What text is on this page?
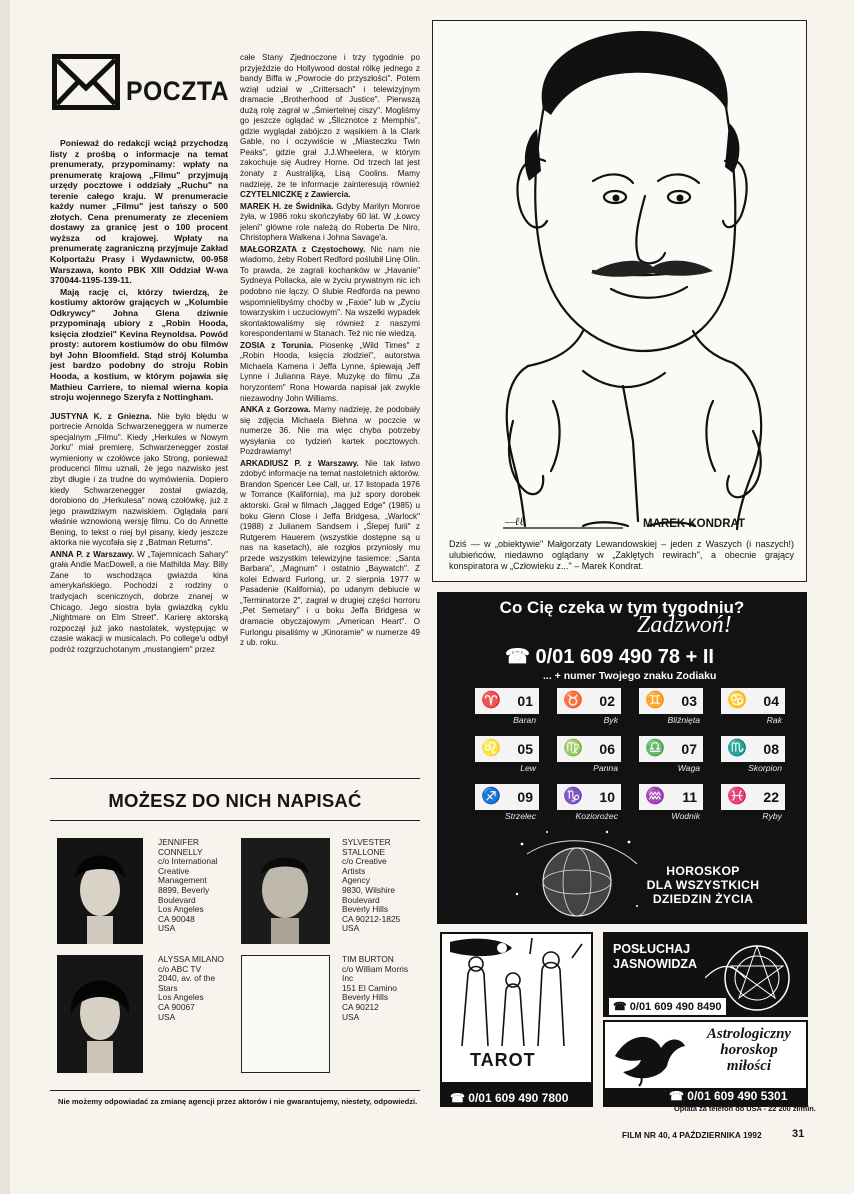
POCZTA

Ponieważ do redakcji wciąż przychodzą listy z prośbą o informacje na temat prenumeraty, przypominamy: wpłaty na prenumeratę krajową „Filmu" przyjmują urzędy pocztowe i oddziały „Ruchu" na terenie całego kraju. W prenumeracie każdy numer „Filmu" jest tańszy o 500 złotych. Cena prenumeraty ze zleceniem dostawy za granicę jest o 100 procent wyższa od krajowej. Wpłaty na prenumeratę zagraniczną przyjmuje Zakład Kolportażu Prasy i Wydawnictw, 00-958 Warszawa, konto PBK XIII Oddział W-wa 370044-1195-139-11.

Mają rację ci, którzy twierdzą, że kostiumy aktorów grających w „Kolumbie Odkrywcy" Johna Glena dziwnie przypominają ubiory z „Robin Hooda, księcia złodziei" Kevina Reynoldsa. Powód prosty: autorem kostiumów do obu filmów był John Bloomfield. Stąd strój Kolumba jest bardzo podobny do stroju Robin Hooda, a kostium, w którym pojawia się Mathieu Carriere, to niemal wierna kopia stroju wojennego Szeryfa z Nottingham.

JUSTYNA K. z Gniezna. Nie było błędu w portrecie Arnolda Schwarzeneggera w numerze specjalnym „Filmu". Kiedy „Herkules w Nowym Jorku" miał premierę, Schwarzenegger został wymieniony w czołówce jako Strong, ponieważ producenci filmu uznali, że jego nazwisko jest zbyt długie i za trudne do wymówienia. Dopiero kiedy Schwarzenegger został gwiazdą, dorobiono do „Herkulesa" nową czołówkę, już z jego prawdziwym nazwiskiem. Oglądała pani właśnie wznowioną wersję filmu. Co do Annette Bening, to tekst o niej był pisany, kiedy jeszcze aktorka nie wycofała się z „Batman Returns".

ANNA P. z Warszawy. W „Tajemnicach Sahary" grała Andie MacDowell, a nie Mathilda May. Billy Zane to wschodząca gwiazda kina amerykańskiego. Pochodzi z rodziny o tradycjach scenicznych, dobrze znanej w Chicago. Jego siostra była gwiazdką cyklu „Nightmare on Elm Street". Karierę aktorską rozpoczął już jako nastolatek, występując w czasie wakacji w musicalach. Po college'u odbył podróż rozgrzuchotanym „mustangiem" przez

całe Stany Zjednoczone i trzy tygodnie po przyjeździe do Hollywood dostał rólkę jednego z bandy Biffa w „Powrocie do przyszłości". Potem wziął udział w „Crittersach" i telewizyjnym dramacie „Brotherhood of Justice". Pierwszą dużą rolę zagrał w „Śmiertelnej ciszy". Mogliśmy go jeszcze oglądać w „Ślicznotce z Memphis", gdzie wyglądał zabójczo z wąsikiem à la Clark Gable, no i oczywiście w „Miasteczku Twin Peaks", gdzie grał J.J.Wheelera, w którym zakochuje się Audrey Horne. Od trzech lat jest żonaty z Australijką, Lisą Coolins. Mamy nadzieję, że te informacje zainteresują również CZYTELNICZKĘ z Zawiercia.

MAREK H. ze Świdnika. Gdyby Marilyn Monroe żyła, w 1986 roku skończyłaby 60 lat. W „Łowcy jeleni" główne role należą do Roberta De Niro, Christophera Walkena i Johna Savage'a.

MAŁGORZATA z Częstochowy. Nic nam nie wiadomo, żeby Robert Redford poślubił Linę Olin. To prawda, że zagrali kochanków w „Havanie" Sydneya Pollacka, ale w życiu prywatnym nic ich podobno nie łączy. O ślubie Redforda na pewno wspomnielibyśmy choćby w „Faxie" lub w „Życiu towarzyskim i uczuciowym". Na wszelki wypadek skontaktowaliśmy się również z naszymi korespondentami w Stanach. Też nic nie wiedzą.

ZOSIA z Torunia. Piosenkę „Wild Times" z „Robin Hooda, księcia złodziei", autorstwa Michaela Kamena i Jeffa Lynne, śpiewają Jeff Lynne i Julianna Raye. Muzykę do filmu „Za horyzontem" Rona Howarda napisał jak zwykle niezawodny John Williams.

ANKA z Gorzowa. Mamy nadzieję, że podobały się zdjęcia Michaela Biehna w poczcie w numerze 36. Nie ma więc chyba potrzeby wysyłania co tydzień kartek pocztowych. Pozdrawiamy!

ARKADIUSZ P. z Warszawy. Nie tak łatwo zdobyć informacje na temat nastoletnich aktorów. Brandon Spencer Lee Call, ur. 17 listopada 1976 w Torrance (Kalifornia), ma już spory dorobek aktorski. Grał w filmach „Jagged Edge" (1985) u boku Glenn Close i Jeffa Bridgesa, „Warlock" (1988) z Julianem Sandsem i „Ślepej furii" z Rutgerem Hauerem (wszystkie dostępne są u nas na kasetach), ale rozgłos przyniosły mu przede wszystkim telewizyjne tasiemce: „Santa Barbara", „Magnum" i ostatnio „Baywatch". Z kolei Edward Furlong, ur. 2 sierpnia 1977 w Pasadenie (Kalifornia), po udanym debiucie w „Terminatorze 2", zagrał w drugiej części horroru „Pet Semetary" i u boku Jeffa Bridgesa w dramacie obyczajowym „American Heart". O Furlongu pisaliśmy w „Kinoramie" w numerze 49 z ub. roku.

—ℓℓ	MAREK KONDRAT
Dziś — w „obiektywie" Małgorzaty Lewandowskiej – jeden z Waszych (i naszych!) ulubieńców, niedawno oglądany w „Zaklętych rewirach", a obecnie grający konspiratora w „Człowieku z..." – Marek Kondrat.
Co Cię czeka w tym tygodniu?
Zadzwoń!
☎ 0/01 609 490 78 + II
... + numer Twojego znaku Zodiaku
♈ 01
Baran
♉ 02
Byk
♊ 03
Bliźnięta
♋ 04
Rak
♌ 05
Lew
♍ 06
Panna
♎ 07
Waga
♏ 08
Skorpion
♐ 09
Strzelec
♑ 10
Koziorożec
♒ 11
Wodnik
♓ 22
Ryby
HOROSKOP
DLA WSZYSTKICH
DZIEDZIN ŻYCIA
MOŻESZ DO NICH NAPISAĆ
JENNIFER
CONNELLY
c/o International
Creative
Management
8899, Beverly
Boulevard
Los Angeles
CA 90048
USA
SYLVESTER
STALLONE
c/o Creative
Artists
Agency
9830, Wilshire
Boulevard
Beverly Hills
CA 90212-1825
USA
ALYSSA MILANO
c/o ABC TV
2040, av. of the
Stars
Los Angeles
CA 90067
USA
TIM BURTON
c/o William Morris
Inc
151 El Camino
Beverly Hills
CA 90212
USA
Nie możemy odpowiadać za zmianę agencji przez aktorów i nie gwarantujemy, niestety, odpowiedzi.
TAROT
☎ 0/01 609 490 7800
POSŁUCHAJ
JASNOWIDZA
☎ 0/01 609 490 8490
Astrologiczny
horoskop
miłości
☎ 0/01 609 490 5301
Opłata za telefon do USA - 22 200 zł/min.
FILM NR 40, 4 PAŹDZIERNIKA 1992	31
